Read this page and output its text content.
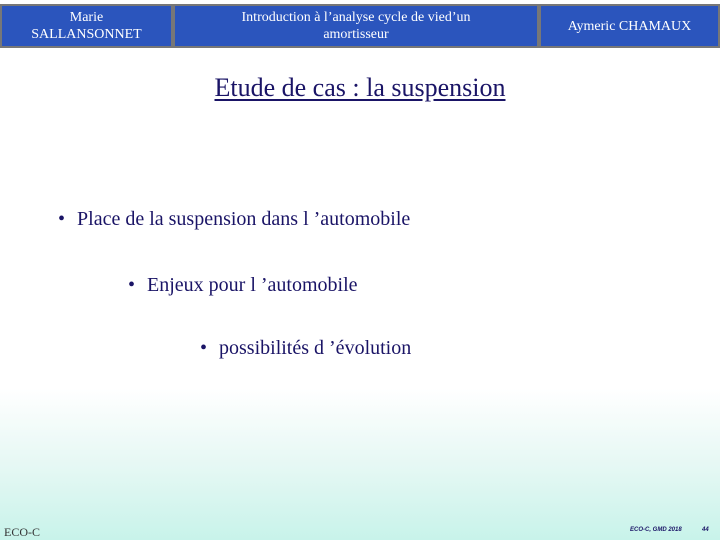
Marie
SALLANSONNET
Introduction à l’analyse cycle de vied’un
amortisseur
Aymeric CHAMAUX
Etude de cas : la suspension
• Place de la suspension dans l ’automobile
• Enjeux pour l ’automobile
• possibilités d ’évolution
ECO-C	ECO-C, GMD 2018	44
